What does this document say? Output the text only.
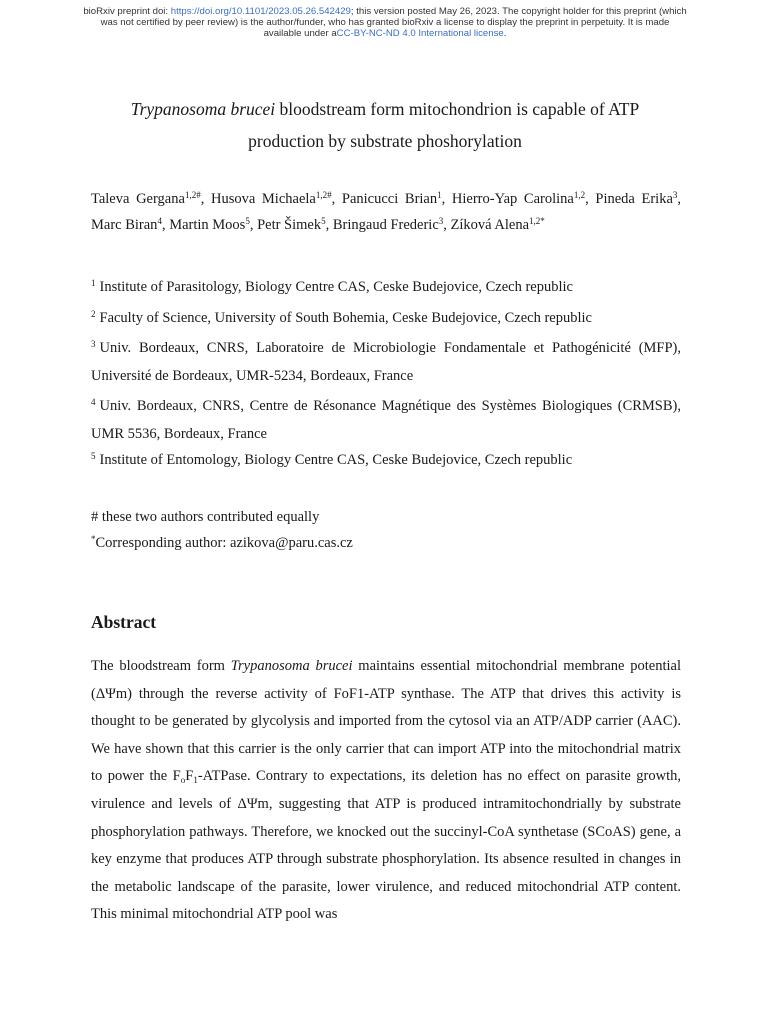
bioRxiv preprint doi: https://doi.org/10.1101/2023.05.26.542429; this version posted May 26, 2023. The copyright holder for this preprint (which
was not certified by peer review) is the author/funder, who has granted bioRxiv a license to display the preprint in perpetuity. It is made
available under aCC-BY-NC-ND 4.0 International license.
Trypanosoma brucei bloodstream form mitochondrion is capable of ATP
production by substrate phoshorylation
Taleva Gergana$^{1,2\#}$, Husova Michaela$^{1,2\#}$, Panicucci Brian$^1$, Hierro-Yap Carolina$^{1,2}$, Pineda Erika$^3$, Marc Biran$^4$, Martin Moos$^5$, Petr Šimek$^5$, Bringaud Frederic$^3$, Zíková Alena$^{1,2*}$
$^1$ Institute of Parasitology, Biology Centre CAS, Ceske Budejovice, Czech republic
$^2$ Faculty of Science, University of South Bohemia, Ceske Budejovice, Czech republic
$^3$ Univ. Bordeaux, CNRS, Laboratoire de Microbiologie Fondamentale et Pathogénicité (MFP), Université de Bordeaux, UMR-5234, Bordeaux, France
$^4$ Univ. Bordeaux, CNRS, Centre de Résonance Magnétique des Systèmes Biologiques (CRMSB), UMR 5536, Bordeaux, France
$^5$ Institute of Entomology, Biology Centre CAS, Ceske Budejovice, Czech republic
# these two authors contributed equally
*Corresponding author: azikova@paru.cas.cz
Abstract

The bloodstream form Trypanosoma brucei maintains essential mitochondrial membrane potential (ΔΨm) through the reverse activity of FoF1-ATP synthase. The ATP that drives this activity is thought to be generated by glycolysis and imported from the cytosol via an ATP/ADP carrier (AAC). We have shown that this carrier is the only carrier that can import ATP into the mitochondrial matrix to power the $F_oF_1$-ATPase. Contrary to expectations, its deletion has no effect on parasite growth, virulence and levels of ΔΨm, suggesting that ATP is produced intramitochondrially by substrate phosphorylation pathways. Therefore, we knocked out the succinyl-CoA synthetase (SCoAS) gene, a key enzyme that produces ATP through substrate phosphorylation. Its absence resulted in changes in the metabolic landscape of the parasite, lower virulence, and reduced mitochondrial ATP content. This minimal mitochondrial ATP pool was
